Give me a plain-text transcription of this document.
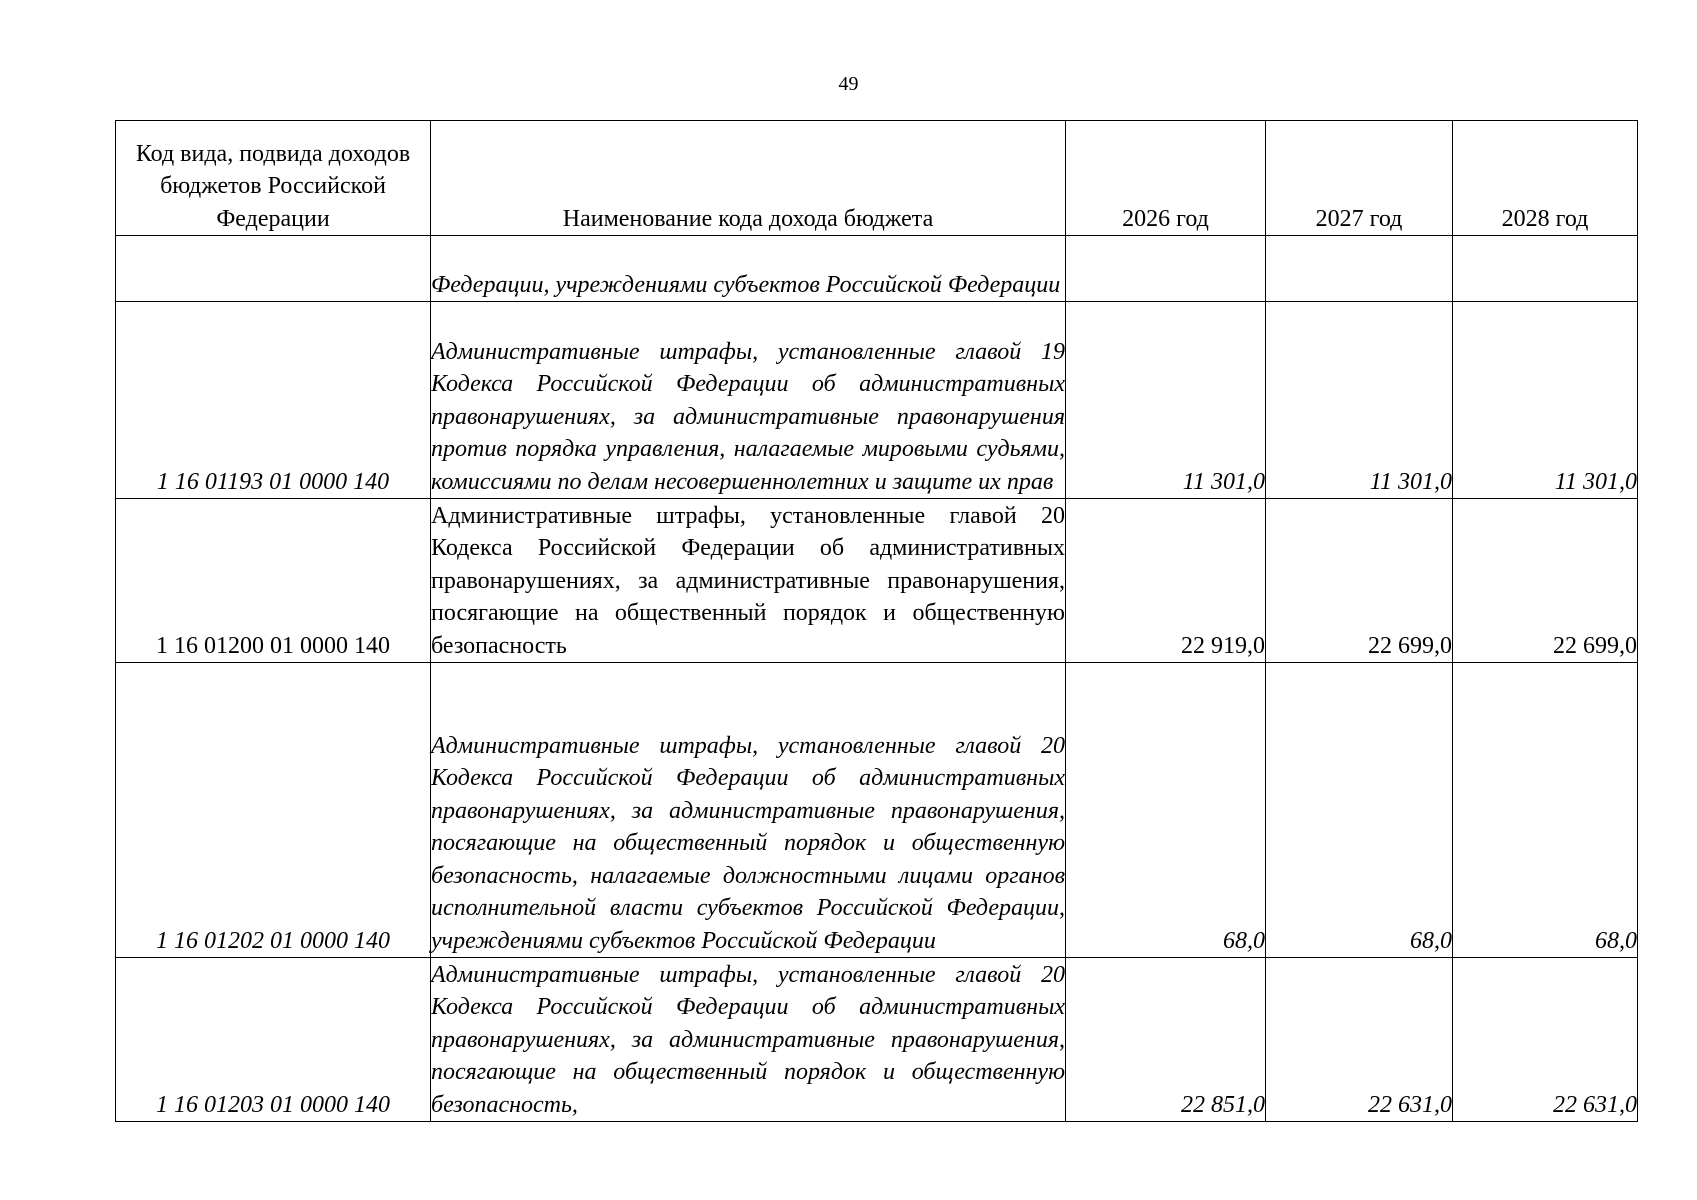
49
Код вида, подвида доходов бюджетов Российской Федерации	Наименование кода дохода бюджета	2026 год	2027 год	2028 год
	Федерации, учреждениями субъектов Российской Федерации			
1 16 01193 01 0000 140	Административные штрафы, установленные главой 19 Кодекса Российской Федерации об административных правонарушениях, за административные правонарушения против порядка управления, налагаемые мировыми судьями, комиссиями по делам несовершеннолетних и защите их прав	11 301,0	11 301,0	11 301,0
1 16 01200 01 0000 140	Административные штрафы, установленные главой 20 Кодекса Российской Федерации об административных правонарушениях, за административные правонарушения, посягающие на общественный порядок и общественную безопасность	22 919,0	22 699,0	22 699,0
1 16 01202 01 0000 140	Административные штрафы, установленные главой 20 Кодекса Российской Федерации об административных правонарушениях, за административные правонарушения, посягающие на общественный порядок и общественную безопасность, налагаемые должностными лицами органов исполнительной власти субъектов Российской Федерации, учреждениями субъектов Российской Федерации	68,0	68,0	68,0
1 16 01203 01 0000 140	Административные штрафы, установленные главой 20 Кодекса Российской Федерации об административных правонарушениях, за административные правонарушения, посягающие на общественный порядок и общественную безопасность,	22 851,0	22 631,0	22 631,0
